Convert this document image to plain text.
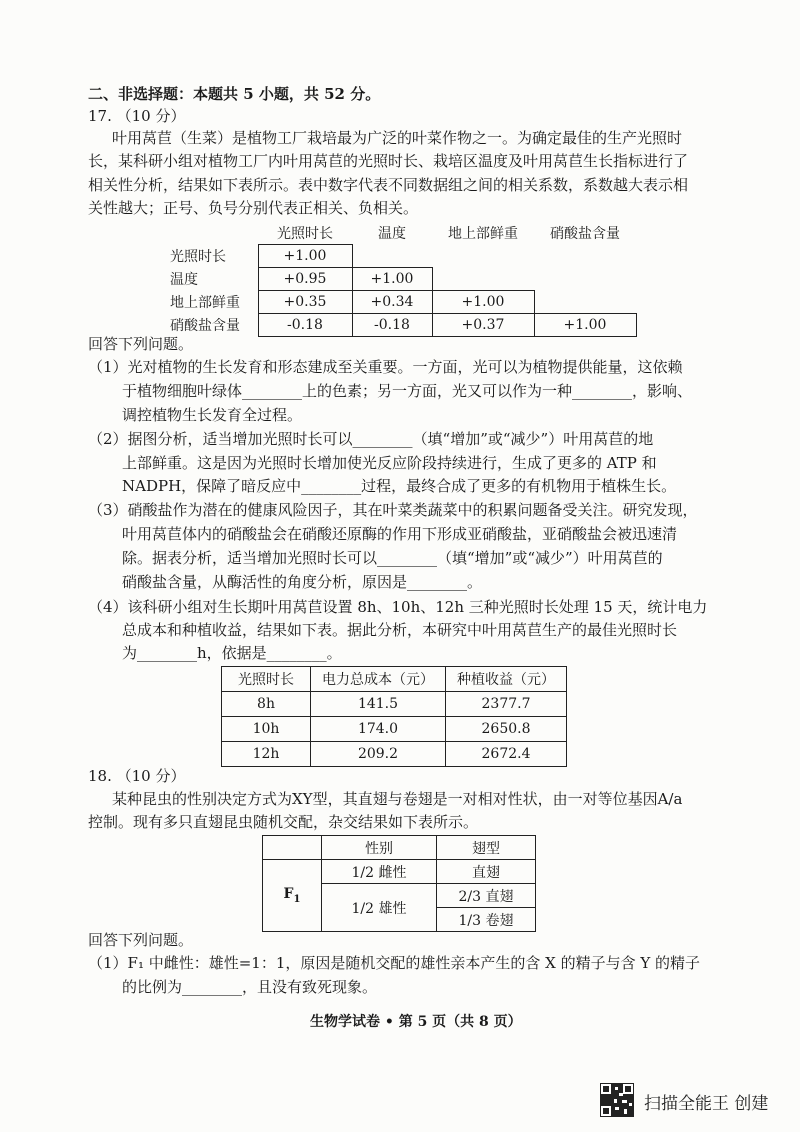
二、非选择题：本题共 5 小题，共 52 分。
17. （10 分）
叶用莴苣（生菜）是植物工厂栽培最为广泛的叶菜作物之一。为确定最佳的生产光照时
长，某科研小组对植物工厂内叶用莴苣的光照时长、栽培区温度及叶用莴苣生长指标进行了
相关性分析，结果如下表所示。表中数字代表不同数据组之间的相关系数，系数越大表示相
关性越大；正号、负号分别代表正相关、负相关。
	光照时长	温度	地上部鲜重	硝酸盐含量
光照时长	+1.00			
温度	+0.95	+1.00		
地上部鲜重	+0.35	+0.34	+1.00	
硝酸盐含量	-0.18	-0.18	+0.37	+1.00
回答下列问题。
（1）光对植物的生长发育和形态建成至关重要。一方面，光可以为植物提供能量，这依赖
于植物细胞叶绿体________上的色素；另一方面，光又可以作为一种________，影响、
调控植物生长发育全过程。
（2）据图分析，适当增加光照时长可以________（填“增加”或“减少”）叶用莴苣的地
上部鲜重。这是因为光照时长增加使光反应阶段持续进行，生成了更多的 ATP 和
NADPH，保障了暗反应中________过程，最终合成了更多的有机物用于植株生长。
（3）硝酸盐作为潜在的健康风险因子，其在叶菜类蔬菜中的积累问题备受关注。研究发现，
叶用莴苣体内的硝酸盐会在硝酸还原酶的作用下形成亚硝酸盐，亚硝酸盐会被迅速清
除。据表分析，适当增加光照时长可以________（填“增加”或“减少”）叶用莴苣的
硝酸盐含量，从酶活性的角度分析，原因是________。
（4）该科研小组对生长期叶用莴苣设置 8h、10h、12h 三种光照时长处理 15 天，统计电力
总成本和种植收益，结果如下表。据此分析，本研究中叶用莴苣生产的最佳光照时长
为________h，依据是________。
光照时长	电力总成本（元）	种植收益（元）
8h	141.5	2377.7
10h	174.0	2650.8
12h	209.2	2672.4
18. （10 分）
某种昆虫的性别决定方式为XY型，其直翅与卷翅是一对相对性状，由一对等位基因A/a
控制。现有多只直翅昆虫随机交配，杂交结果如下表所示。
	性别	翅型
$F_1$	1/2 雌性	直翅
	1/2 雄性	2/3 直翅
		1/3 卷翅
回答下列问题。
（1）F₁ 中雌性：雄性=1：1，原因是随机交配的雄性亲本产生的含 X 的精子与含 Y 的精子
的比例为________，且没有致死现象。
生物学试卷 • 第 5 页（共 8 页）
扫描全能王 创建
